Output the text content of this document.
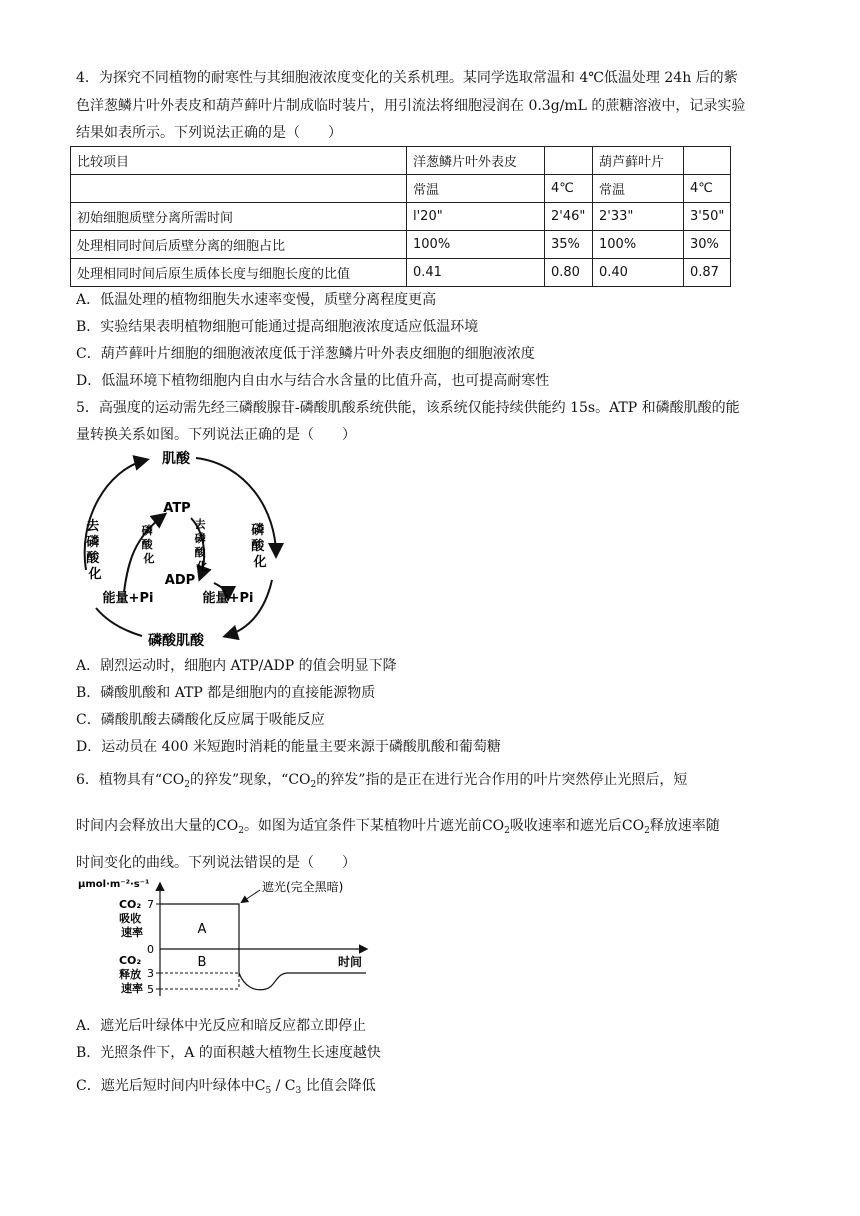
4．为探究不同植物的耐寒性与其细胞液浓度变化的关系机理。某同学选取常温和 4℃低温处理 24h 后的紫

色洋葱鳞片叶外表皮和葫芦藓叶片制成临时装片，用引流法将细胞浸润在 0.3g/mL 的蔗糖溶液中，记录实验

结果如表所示。下列说法正确的是（　　）

比较项目	洋葱鳞片叶外表皮		葫芦藓叶片	
	常温	4℃	常温	4℃
初始细胞质壁分离所需时间	l'20"	2'46"	2'33"	3'50"
处理相同时间后质壁分离的细胞占比	100%	35%	100%	30%
处理相同时间后原生质体长度与细胞长度的比值	0.41	0.80	0.40	0.87

A．低温处理的植物细胞失水速率变慢，质壁分离程度更高

B．实验结果表明植物细胞可能通过提高细胞液浓度适应低温环境

C．葫芦藓叶片细胞的细胞液浓度低于洋葱鳞片叶外表皮细胞的细胞液浓度

D．低温环境下植物细胞内自由水与结合水含量的比值升高，也可提高耐寒性

5．高强度的运动需先经三磷酸腺苷-磷酸肌酸系统供能，该系统仅能持续供能约 15s。ATP 和磷酸肌酸的能

量转换关系如图。下列说法正确的是（　　）

肌酸
磷酸肌酸
ATP
ADP
去 磷 酸 化
磷 酸 化
磷 酸 化
去 磷 酸 化
能量+Pi	能量+Pi

A．剧烈运动时，细胞内 ATP/ADP 的值会明显下降

B．磷酸肌酸和 ATP 都是细胞内的直接能源物质

C．磷酸肌酸去磷酸化反应属于吸能反应

D．运动员在 400 米短跑时消耗的能量主要来源于磷酸肌酸和葡萄糖

6．植物具有“$CO_2$的猝发”现象，“$CO_2$的猝发”指的是正在进行光合作用的叶片突然停止光照后，短

时间内会释放出大量的$CO_2$。如图为适宜条件下某植物叶片遮光前$CO_2$吸收速率和遮光后$CO_2$释放速率随

时间变化的曲线。下列说法错误的是（　　）

μmol·m⁻²·s⁻¹	遮光(完全黑暗)
CO₂ 吸收 速率
CO₂ 释放 速率
7
0
3
5
A
B	时间

A．遮光后叶绿体中光反应和暗反应都立即停止

B．光照条件下，A 的面积越大植物生长速度越快

C．遮光后短时间内叶绿体中$C_5 / C_3$ 比值会降低
